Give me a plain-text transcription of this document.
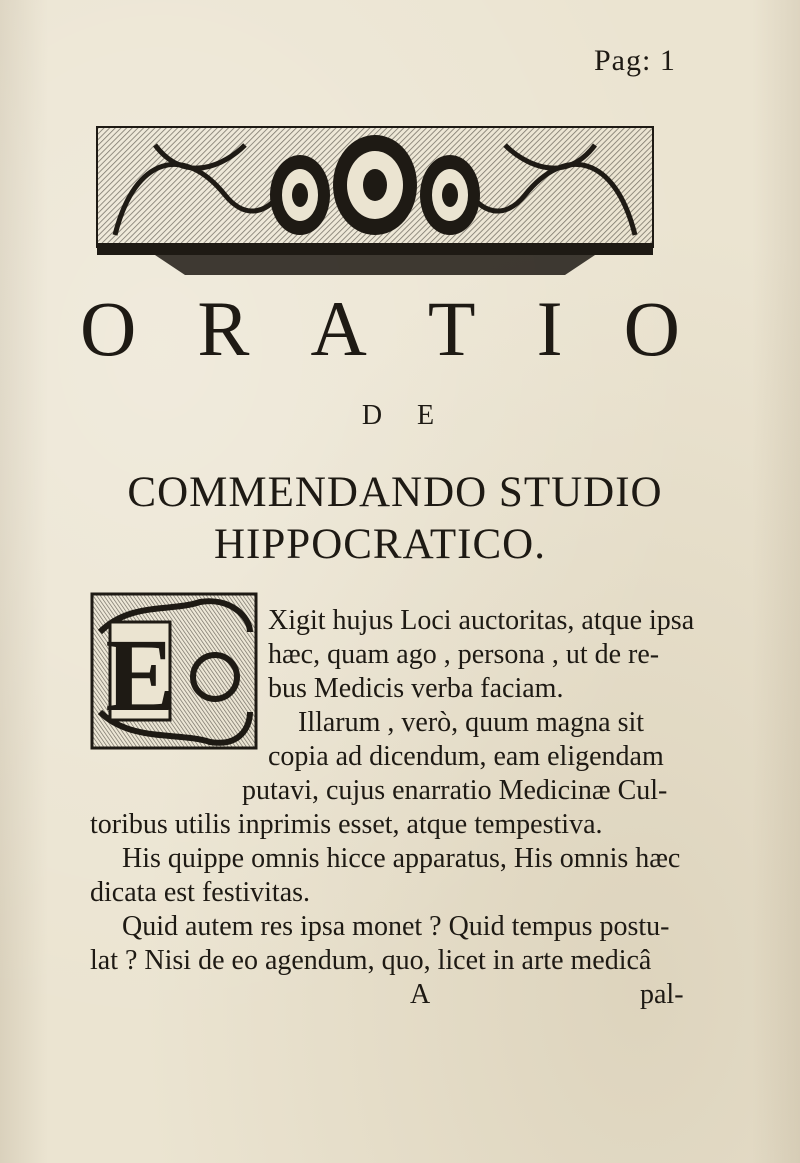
Pag: 1
O R A T I O
D E
COMMENDANDO STUDIO
HIPPOCRATICO.
E	Xigit hujus Loci auctoritas, atque ipsa
hæc, quam ago , persona , ut de re-
bus Medicis verba faciam.
Illarum , verò, quum magna sit
copia ad dicendum, eam eligendam
putavi, cujus enarratio Medicinæ Cul-
toribus utilis inprimis esset, atque tempestiva.
His quippe omnis hicce apparatus, His omnis hæc
dicata est festivitas.
Quid autem res ipsa monet ? Quid tempus postu-
lat ? Nisi de eo agendum, quo, licet in arte medicâ
A	pal-
